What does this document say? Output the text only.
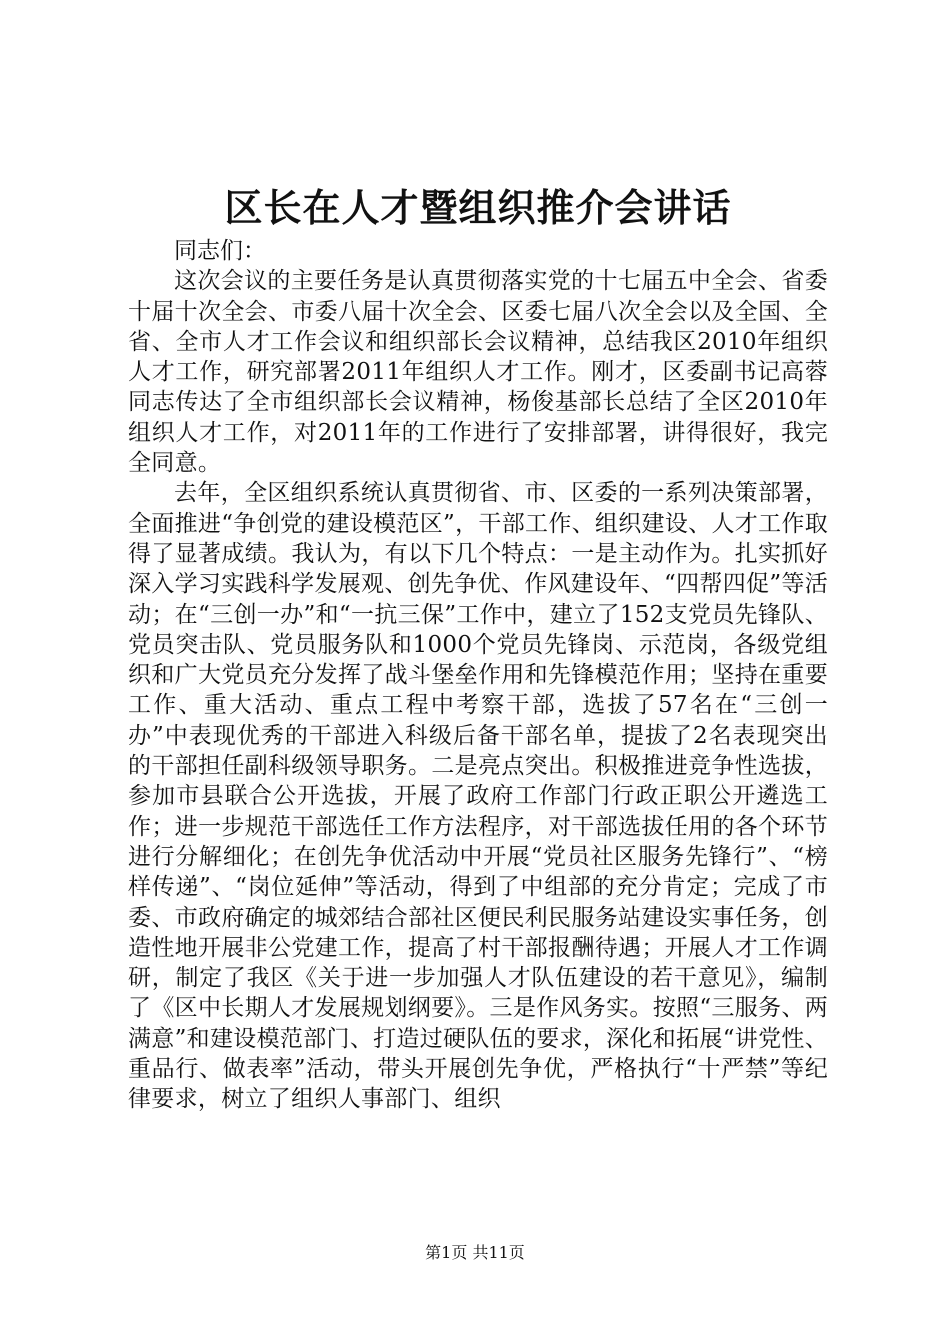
区长在人才暨组织推介会讲话

同志们：

这次会议的主要任务是认真贯彻落实党的十七届五中全会、省委十届十次全会、市委八届十次全会、区委七届八次全会以及全国、全省、全市人才工作会议和组织部长会议精神，总结我区2010年组织人才工作，研究部署2011年组织人才工作。刚才，区委副书记高蓉同志传达了全市组织部长会议精神，杨俊基部长总结了全区2010年组织人才工作，对2011年的工作进行了安排部署，讲得很好，我完全同意。

去年，全区组织系统认真贯彻省、市、区委的一系列决策部署，全面推进“争创党的建设模范区”，干部工作、组织建设、人才工作取得了显著成绩。我认为，有以下几个特点：一是主动作为。扎实抓好深入学习实践科学发展观、创先争优、作风建设年、“四帮四促”等活动；在“三创一办”和“一抗三保”工作中，建立了152支党员先锋队、党员突击队、党员服务队和1000个党员先锋岗、示范岗，各级党组织和广大党员充分发挥了战斗堡垒作用和先锋模范作用；坚持在重要工作、重大活动、重点工程中考察干部，选拔了57名在“三创一办”中表现优秀的干部进入科级后备干部名单，提拔了2名表现突出的干部担任副科级领导职务。二是亮点突出。积极推进竞争性选拔，参加市县联合公开选拔，开展了政府工作部门行政正职公开遴选工作；进一步规范干部选任工作方法程序，对干部选拔任用的各个环节进行分解细化；在创先争优活动中开展“党员社区服务先锋行”、“榜样传递”、“岗位延伸”等活动，得到了中组部的充分肯定；完成了市委、市政府确定的城郊结合部社区便民利民服务站建设实事任务，创造性地开展非公党建工作，提高了村干部报酬待遇；开展人才工作调研，制定了我区《关于进一步加强人才队伍建设的若干意见》，编制了《区中长期人才发展规划纲要》。三是作风务实。按照“三服务、两满意”和建设模范部门、打造过硬队伍的要求，深化和拓展“讲党性、重品行、做表率”活动，带头开展创先争优，严格执行“十严禁”等纪律要求，树立了组织人事部门、组织

第1页 共11页
